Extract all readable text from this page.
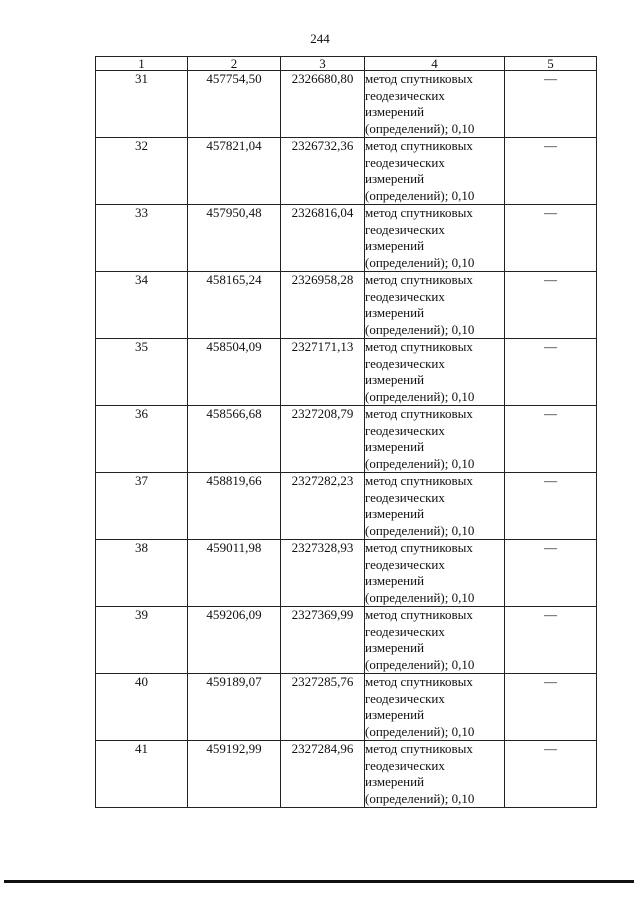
244
1	2	3	4	5
31	457754,50	2326680,80	метод спутниковых
геодезических
измерений
(определений); 0,10	—
32	457821,04	2326732,36	метод спутниковых
геодезических
измерений
(определений); 0,10	—
33	457950,48	2326816,04	метод спутниковых
геодезических
измерений
(определений); 0,10	—
34	458165,24	2326958,28	метод спутниковых
геодезических
измерений
(определений); 0,10	—
35	458504,09	2327171,13	метод спутниковых
геодезических
измерений
(определений); 0,10	—
36	458566,68	2327208,79	метод спутниковых
геодезических
измерений
(определений); 0,10	—
37	458819,66	2327282,23	метод спутниковых
геодезических
измерений
(определений); 0,10	—
38	459011,98	2327328,93	метод спутниковых
геодезических
измерений
(определений); 0,10	—
39	459206,09	2327369,99	метод спутниковых
геодезических
измерений
(определений); 0,10	—
40	459189,07	2327285,76	метод спутниковых
геодезических
измерений
(определений); 0,10	—
41	459192,99	2327284,96	метод спутниковых
геодезических
измерений
(определений); 0,10	—
